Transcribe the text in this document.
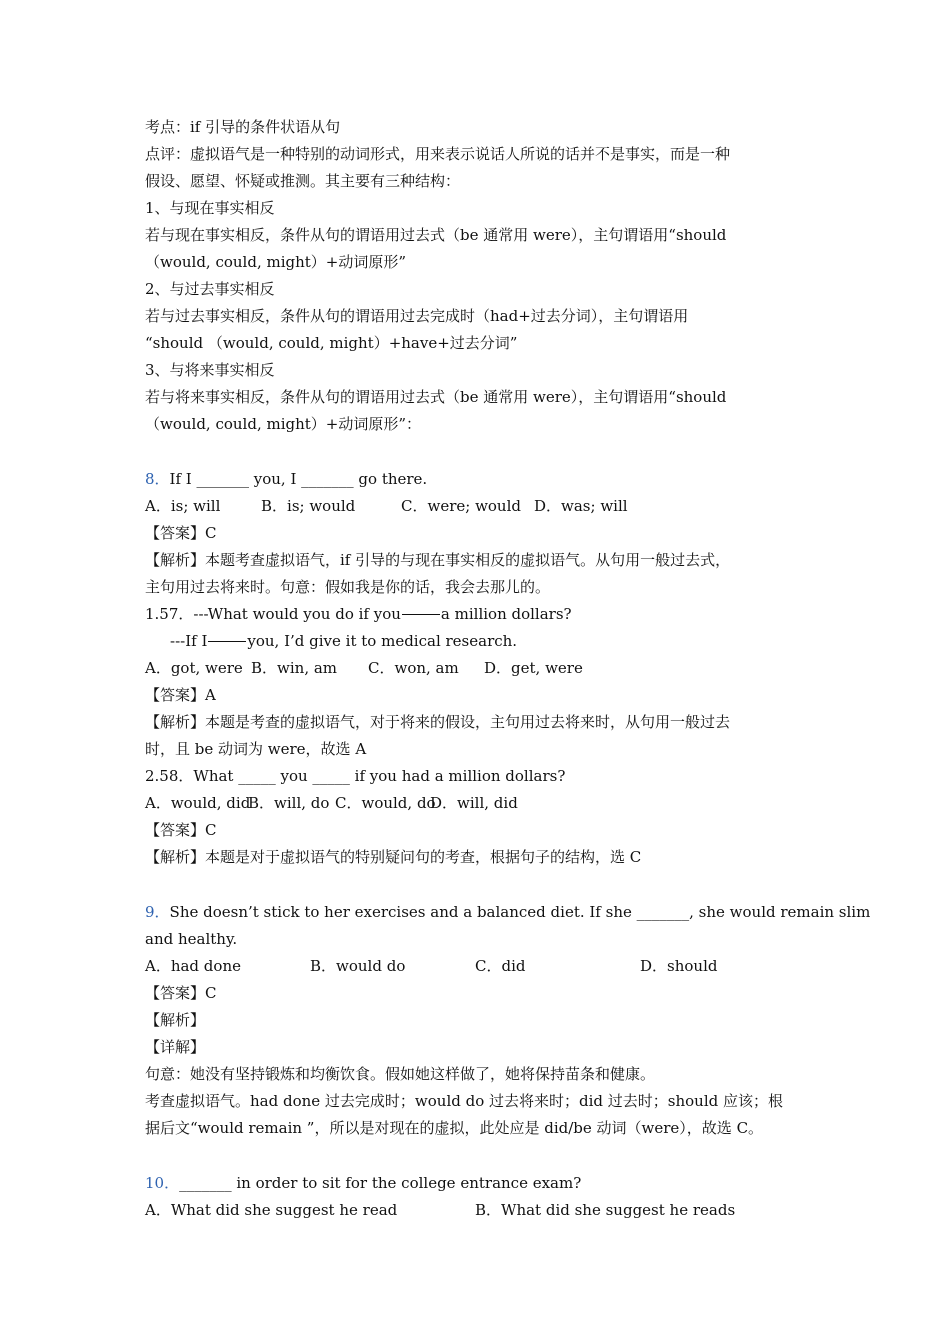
考点：if 引导的条件状语从句
点评：虚拟语气是一种特别的动词形式，用来表示说话人所说的话并不是事实，而是一种
假设、愿望、怀疑或推测。其主要有三种结构：
1、与现在事实相反
若与现在事实相反，条件从句的谓语用过去式（be 通常用 were），主句谓语用“should
（would, could, might）+动词原形”
2、与过去事实相反
若与过去事实相反，条件从句的谓语用过去完成时（had+过去分词），主句谓语用
“should （would, could, might）+have+过去分词”
3、与将来事实相反
若与将来事实相反，条件从句的谓语用过去式（be 通常用 were），主句谓语用“should
（would, could, might）+动词原形”：
8．If I _______ you, I _______ go there.
A．is; will	B．is; would	C．were; would D．was; will
【答案】C
【解析】本题考查虚拟语气，if 引导的与现在事实相反的虚拟语气。从句用一般过去式，
主句用过去将来时。句意：假如我是你的话，我会去那儿的。
1.57．---What would you do if you	a million dollars?
---If I	you, I’d give it to medical research.
A．got, were B．win, am C．won, am D．get, were
【答案】A
【解析】本题是考查的虚拟语气，对于将来的假设，主句用过去将来时，从句用一般过去
时，且 be 动词为 were，故选 A
2.58．What _____ you _____ if you had a million dollars?
A．would, didB．will, do C．would, doD．will, did
【答案】C
【解析】本题是对于虚拟语气的特别疑问句的考查，根据句子的结构，选 C
9．She doesn’t stick to her exercises and a balanced diet. If she _______, she would remain slim
and healthy.
A．had done	B．would do	C．did	D．should
【答案】C
【解析】
【详解】
句意：她没有坚持锻炼和均衡饮食。假如她这样做了，她将保持苗条和健康。
考查虚拟语气。had done 过去完成时；would do 过去将来时；did 过去时；should 应该；根
据后文“would remain ”，所以是对现在的虚拟，此处应是 did/be 动词（were），故选 C。
10．_______ in order to sit for the college entrance exam?
A．What did she suggest he read	B．What did she suggest he reads
